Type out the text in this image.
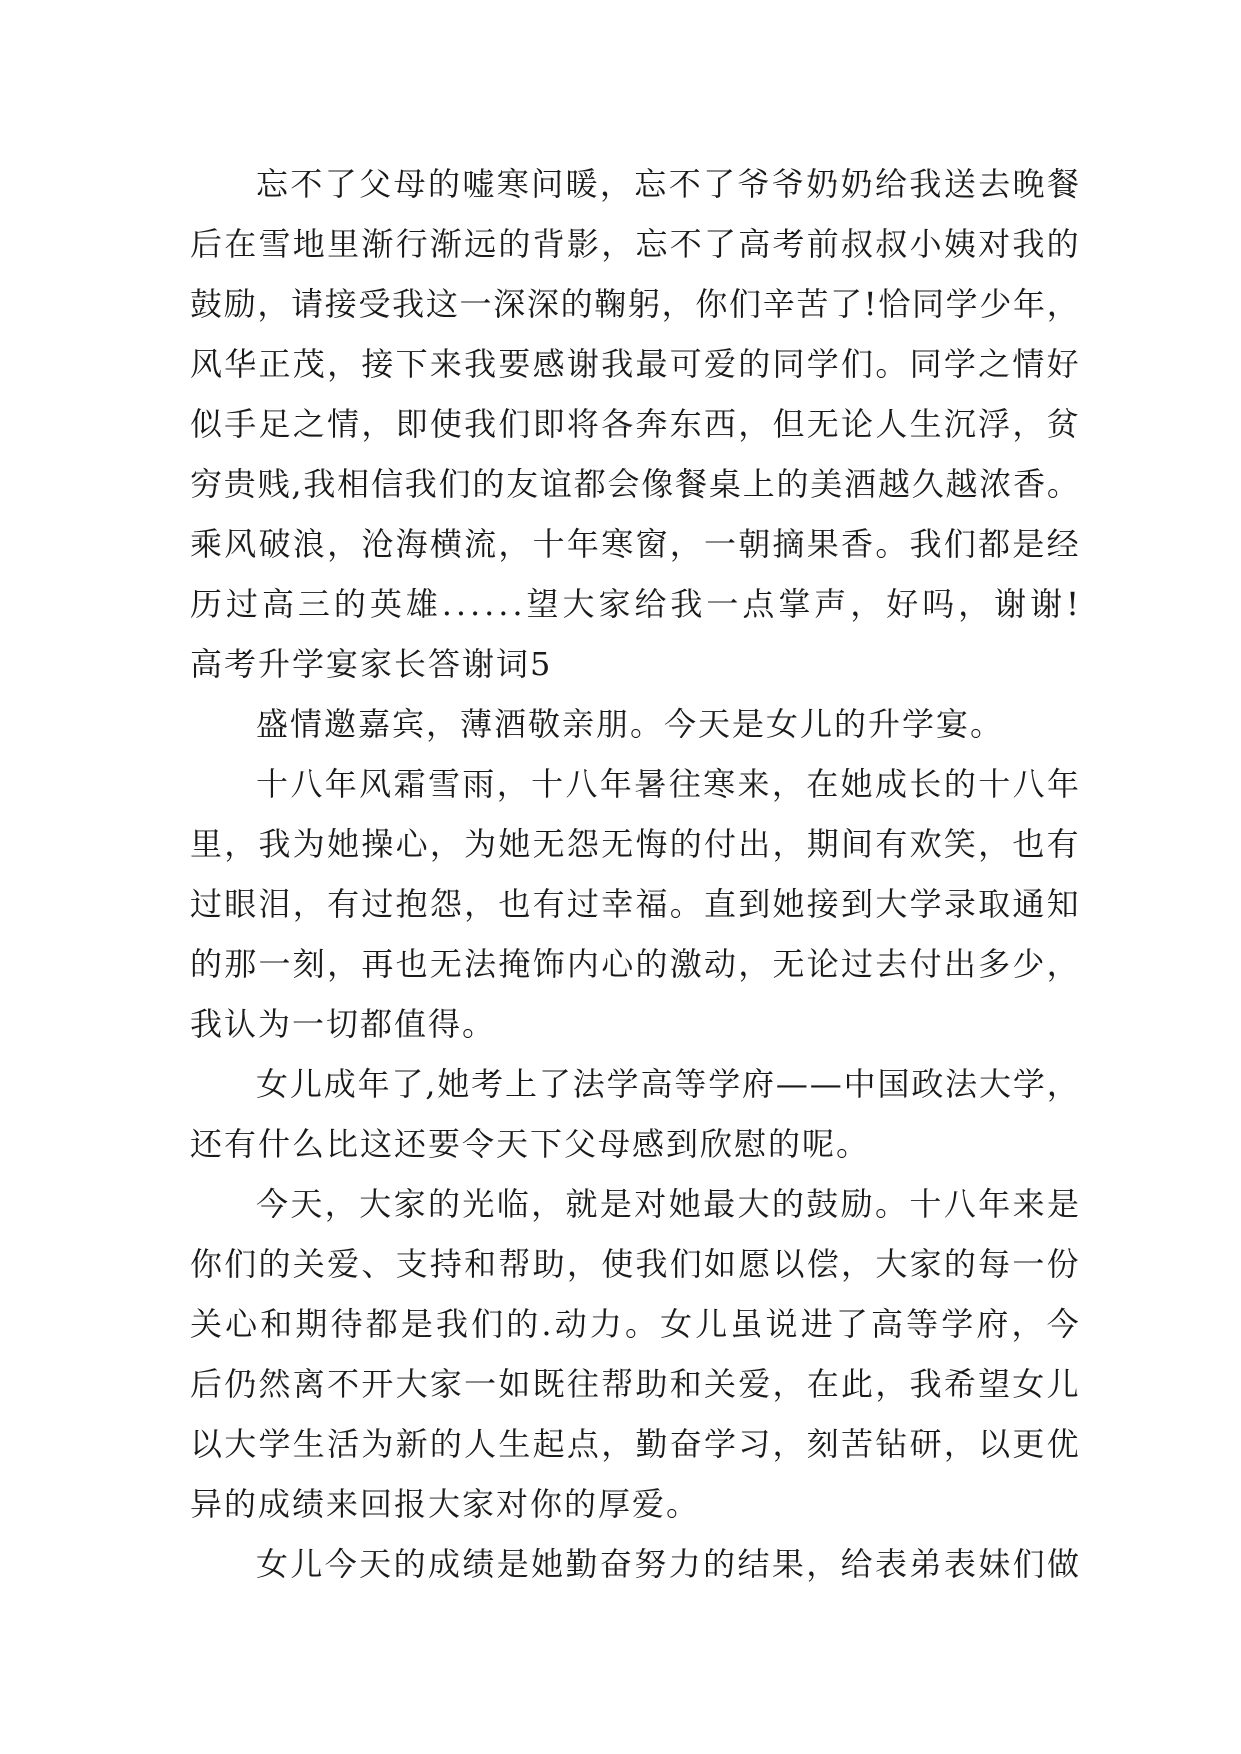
忘 不 了 父 母 的 嘘 寒 问 暖 ， 忘 不 了 爷 爷 奶 奶 给 我 送 去 晚 餐
后 在 雪 地 里 渐 行 渐 远 的 背 影 ， 忘 不 了 高 考 前 叔 叔 小 姨 对 我 的
鼓 励 ， 请 接 受 我 这 一 深 深 的 鞠 躬 ， 你 们 辛 苦 了 ! 恰 同 学 少 年 ，
风 华 正 茂 ， 接 下 来 我 要 感 谢 我 最 可 爱 的 同 学 们 。 同 学 之 情 好
似 手 足 之 情 ， 即 使 我 们 即 将 各 奔 东 西 ， 但 无 论 人 生 沉 浮 ， 贫
穷 贵 贱 , 我 相 信 我 们 的 友 谊 都 会 像 餐 桌 上 的 美 酒 越 久 越 浓 香 。
乘 风 破 浪 ， 沧 海 横 流 ， 十 年 寒 窗 ， 一 朝 摘 果 香 。 我 们 都 是 经
历 过 高 三 的 英 雄 . . . . . . 望 大 家 给 我 一 点 掌 声 ， 好 吗 ， 谢 谢 !
高考升学宴家长答谢词5
盛情邀嘉宾，薄酒敬亲朋。今天是女儿的升学宴。
十 八 年 风 霜 雪 雨 ， 十 八 年 暑 往 寒 来 ， 在 她 成 长 的 十 八 年
里 ， 我 为 她 操 心 ， 为 她 无 怨 无 悔 的 付 出 ， 期 间 有 欢 笑 ， 也 有
过 眼 泪 ， 有 过 抱 怨 ， 也 有 过 幸 福 。 直 到 她 接 到 大 学 录 取 通 知
的 那 一 刻 ， 再 也 无 法 掩 饰 内 心 的 激 动 ， 无 论 过 去 付 出 多 少 ，
我认为一切都值得。
女 儿 成 年 了 , 她 考 上 了 法 学 高 等 学 府 — — 中 国 政 法 大 学 ，
还有什么比这还要令天下父母感到欣慰的呢。
今 天 ， 大 家 的 光 临 ， 就 是 对 她 最 大 的 鼓 励 。 十 八 年 来 是
你 们 的 关 爱 、 支 持 和 帮 助 ， 使 我 们 如 愿 以 偿 ， 大 家 的 每 一 份
关 心 和 期 待 都 是 我 们 的 . 动 力 。 女 儿 虽 说 进 了 高 等 学 府 ， 今
后 仍 然 离 不 开 大 家 一 如 既 往 帮 助 和 关 爱 ， 在 此 ， 我 希 望 女 儿
以 大 学 生 活 为 新 的 人 生 起 点 ， 勤 奋 学 习 ， 刻 苦 钻 研 ， 以 更 优
异的成绩来回报大家对你的厚爱。
女 儿 今 天 的 成 绩 是 她 勤 奋 努 力 的 结 果 ， 给 表 弟 表 妹 们 做
